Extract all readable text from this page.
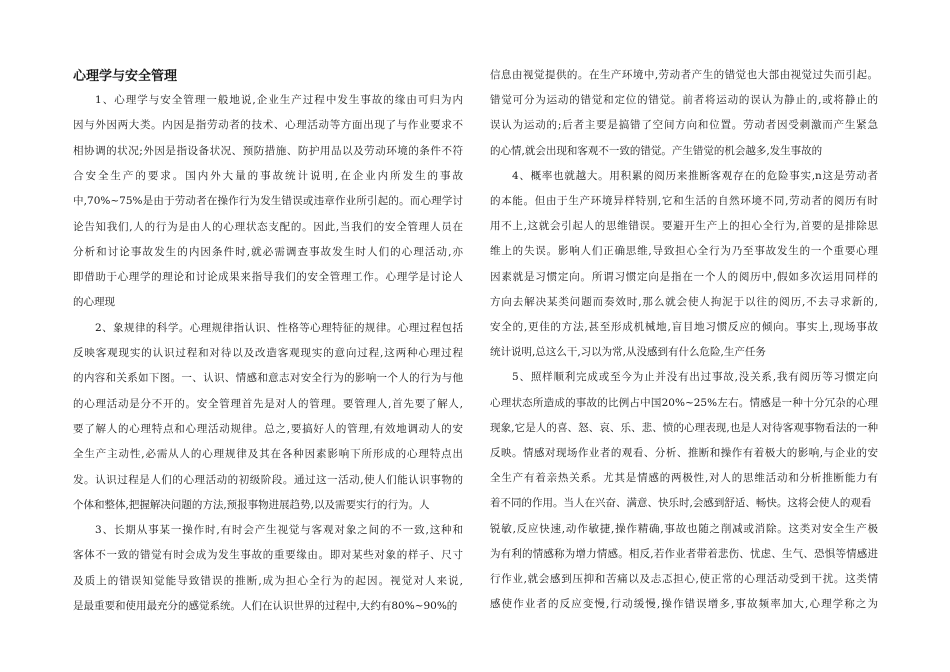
心理学与安全管理
1、心理学与安全管理一般地说,企业生产过程中发生事故的缘由可归为内
因与外因两大类。内因是指劳动者的技术、心理活动等方面出现了与作业要求不
相协调的状况;外因是指设备状况、预防措施、防护用品以及劳动环境的条件不符
合安全生产的要求。国内外大量的事故统计说明,在企业内所发生的事故
中,70%~75%是由于劳动者在操作行为发生错误或违章作业所引起的。而心理学讨
论告知我们,人的行为是由人的心理状态支配的。因此,当我们的安全管理人员在
分析和讨论事故发生的内因条件时,就必需调查事故发生时人们的心理活动,亦
即借助于心理学的理论和讨论成果来指导我们的安全管理工作。心理学是讨论人
的心理现
2、象规律的科学。心理规律指认识、性格等心理特征的规律。心理过程包括
反映客观现实的认识过程和对待以及改造客观现实的意向过程,这两种心理过程
的内容和关系如下图。一、认识、情感和意志对安全行为的影响一个人的行为与他
的心理活动是分不开的。安全管理首先是对人的管理。要管理人,首先要了解人,
要了解人的心理特点和心理活动规律。总之,要搞好人的管理,有效地调动人的安
全生产主动性,必需从人的心理规律及其在各种因素影响下所形成的心理特点出
发。认识过程是人们的心理活动的初级阶段。通过这一活动,使人们能认识事物的
个体和整体,把握解决问题的方法,预报事物进展趋势,以及需要实行的行为。人
3、长期从事某一操作时,有时会产生视觉与客观对象之间的不一致,这种和
客体不一致的错觉有时会成为发生事故的重要缘由。即对某些对象的样子、尺寸
及质上的错误知觉能导致错误的推断,成为担心全行为的起因。视觉对人来说,
是最重要和使用最充分的感觉系统。人们在认识世界的过程中,大约有80%~90%的
信息由视觉提供的。在生产环境中,劳动者产生的错觉也大部由视觉过失而引起。
错觉可分为运动的错觉和定位的错觉。前者将运动的误认为静止的,或将静止的
误认为运动的;后者主要是搞错了空间方向和位置。劳动者因受刺激而产生紧急
的心情,就会出现和客观不一致的错觉。产生错觉的机会越多,发生事故的
4、概率也就越大。用积累的阅历来推断客观存在的危险事实,n这是劳动者
的本能。但由于生产环境异样特别,它和生活的自然环境不同,劳动者的阅历有时
用不上,这就会引起人的思维错误。要避开生产上的担心全行为,首要的是排除思
维上的失误。影响人们正确思维,导致担心全行为乃至事故发生的一个重要心理
因素就是习惯定向。所谓习惯定向是指在一个人的阅历中,假如多次运用同样的
方向去解决某类问题而奏效时,那么就会使人拘泥于以往的阅历,不去寻求新的,
安全的,更佳的方法,甚至形成机械地,盲目地习惯反应的倾向。事实上,现场事故
统计说明,总这么干,习以为常,从没感到有什么危险,生产任务
5、照样顺利完成或至今为止并没有出过事故,没关系,我有阅历等习惯定向
心理状态所造成的事故的比例占中国20%~25%左右。情感是一种十分冗杂的心理
现象,它是人的喜、怒、哀、乐、悲、愤的心理表现,也是人对待客观事物看法的一种
反映。情感对现场作业者的观看、分析、推断和操作有着极大的影响,与企业的安
全生产有着亲热关系。尤其是情感的两极性,对人的思维活动和分析推断能力有
着不同的作用。当人在兴奋、满意、快乐时,会感到舒适、畅快。这将会使人的观看
锐敏,反应快速,动作敏捷,操作精确,事故也随之削减或消除。这类对安全生产极
为有利的情感称为增力情感。相反,若作业者带着悲伤、忧虑、生气、恐惧等情感进
行作业,就会感到压抑和苦痛以及忐忑担心,使正常的心理活动受到干扰。这类情
感使作业者的反应变慢,行动缓慢,操作错误增多,事故频率加大,心理学称之为
